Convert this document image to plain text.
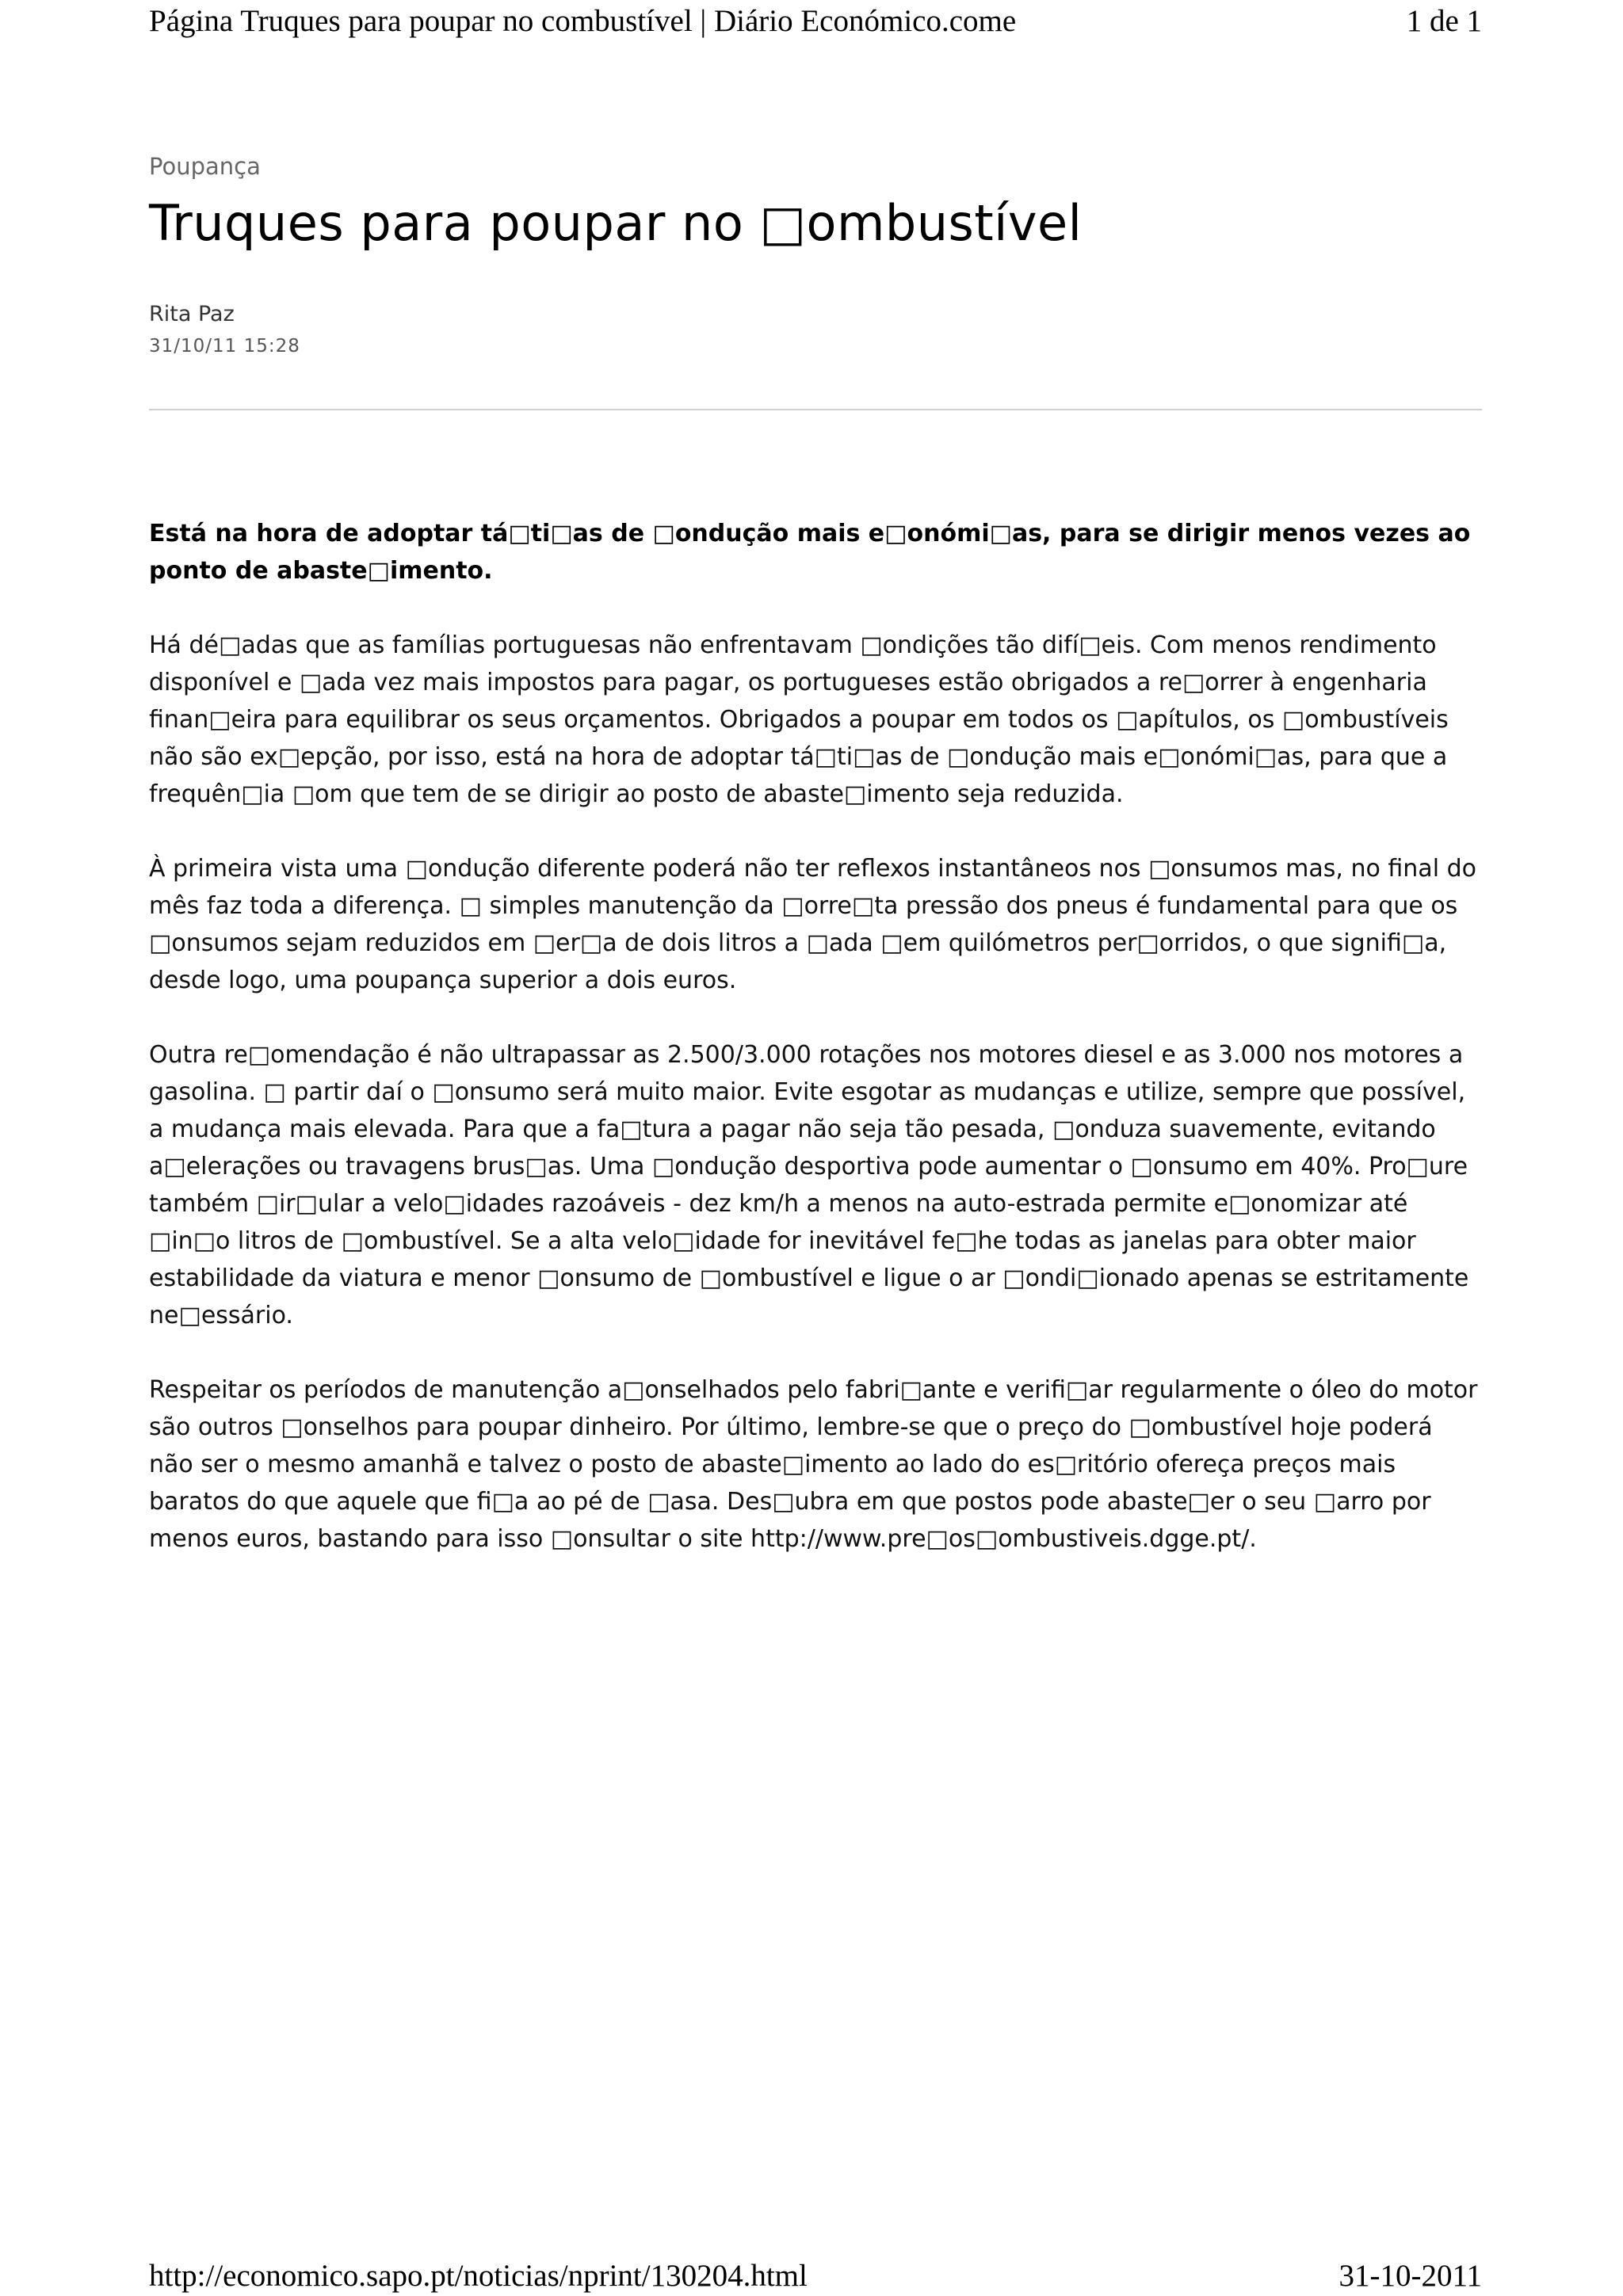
Página Truques para poupar no combustível | Diário Económico.come	1 de 1

Poupança

Truques para poupar no □ombustível

Rita Paz

31/10/11 15:28

Está na hora de adoptar tá□ti□as de □ondução mais e□onómi□as, para se dirigir menos vezes ao ponto de abaste□imento.

Há dé□adas que as famílias portuguesas não enfrentavam □ondições tão difí□eis. Com menos rendimento disponível e □ada vez mais impostos para pagar, os portugueses estão obrigados a re□orrer à engenharia finan□eira para equilibrar os seus orçamentos. Obrigados a poupar em todos os □apítulos, os □ombustíveis não são ex□epção, por isso, está na hora de adoptar tá□ti□as de □ondução mais e□onómi□as, para que a frequên□ia □om que tem de se dirigir ao posto de abaste□imento seja reduzida.

À primeira vista uma □ondução diferente poderá não ter reflexos instantâneos nos □onsumos mas, no final do mês faz toda a diferença. □ simples manutenção da □orre□ta pressão dos pneus é fundamental para que os □onsumos sejam reduzidos em □er□a de dois litros a □ada □em quilómetros per□orridos, o que signifi□a, desde logo, uma poupança superior a dois euros.

Outra re□omendação é não ultrapassar as 2.500/3.000 rotações nos motores diesel e as 3.000 nos motores a gasolina. □ partir daí o □onsumo será muito maior. Evite esgotar as mudanças e utilize, sempre que possível, a mudança mais elevada. Para que a fa□tura a pagar não seja tão pesada, □onduza suavemente, evitando a□elerações ou travagens brus□as. Uma □ondução desportiva pode aumentar o □onsumo em 40%. Pro□ure também □ir□ular a velo□idades razoáveis - dez km/h a menos na auto-estrada permite e□onomizar até □in□o litros de □ombustível. Se a alta velo□idade for inevitável fe□he todas as janelas para obter maior estabilidade da viatura e menor □onsumo de □ombustível e ligue o ar □ondi□ionado apenas se estritamente ne□essário.

Respeitar os períodos de manutenção a□onselhados pelo fabri□ante e verifi□ar regularmente o óleo do motor são outros □onselhos para poupar dinheiro. Por último, lembre-se que o preço do □ombustível hoje poderá não ser o mesmo amanhã e talvez o posto de abaste□imento ao lado do es□ritório ofereça preços mais baratos do que aquele que fi□a ao pé de □asa. Des□ubra em que postos pode abaste□er o seu □arro por menos euros, bastando para isso □onsultar o site http://www.pre□os□ombustiveis.dgge.pt/.

http://economico.sapo.pt/noticias/nprint/130204.html	31-10-2011
